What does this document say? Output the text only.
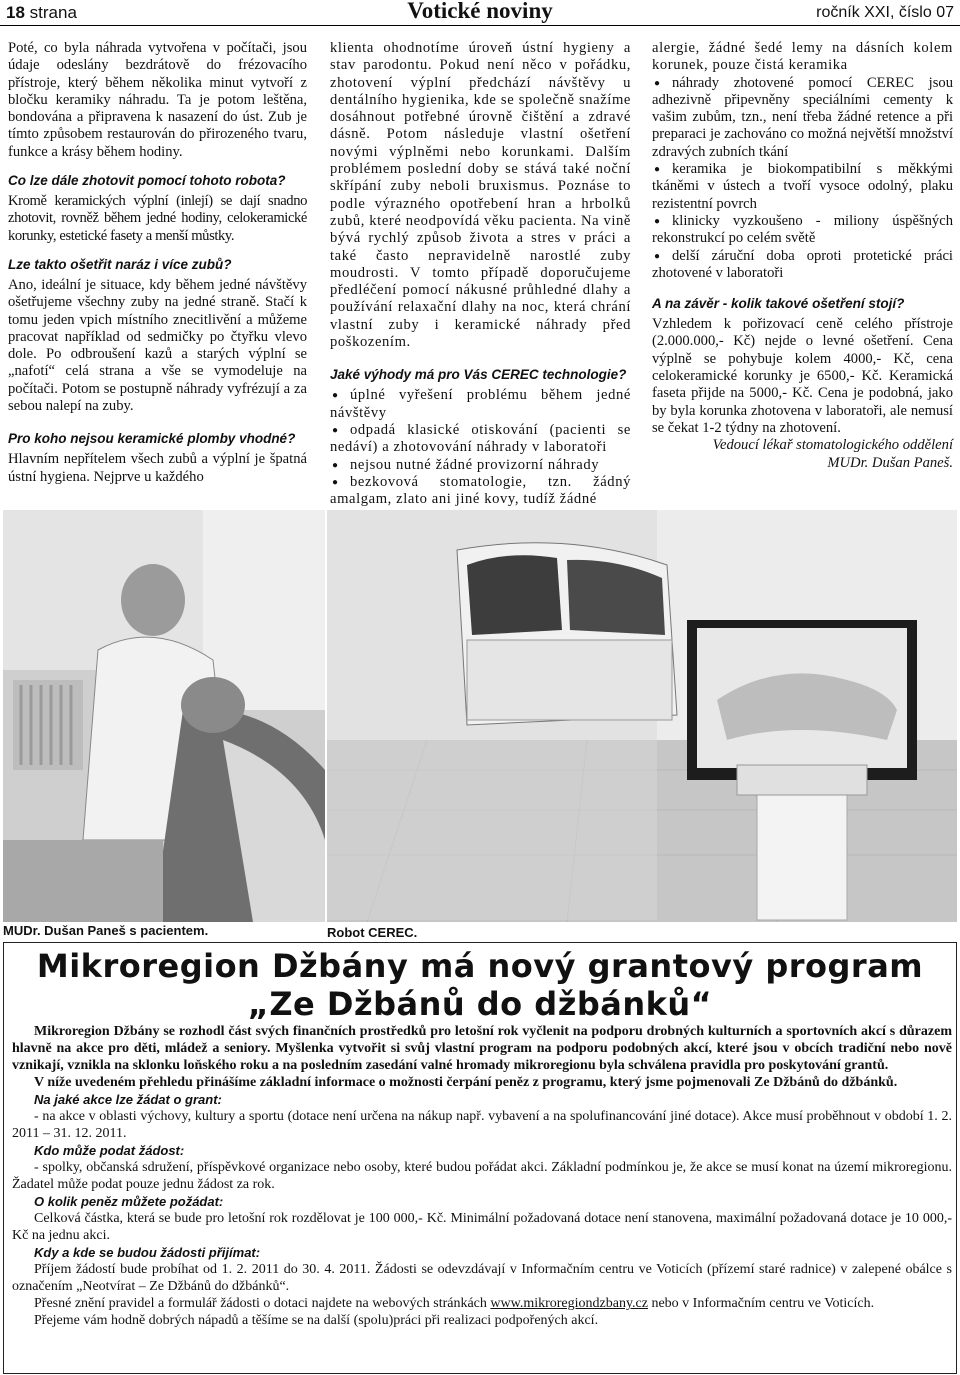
18 strana	Votické noviny	ročník XXI, číslo 07

Poté, co byla náhrada vytvořena v počítači, jsou údaje odeslány bezdrátově do frézovacího přístroje, který během několika minut vytvoří z bločku keramiky náhradu. Ta je potom leštěna, bondována a připravena k nasazení do úst. Zub je tímto způsobem restaurován do přirozeného tvaru, funkce a krásy během hodiny.

Co lze dále zhotovit pomocí tohoto robota?

Kromě keramických výplní (inlejí) se dají snadno zhotovit, rovněž během jedné hodiny, celokeramické korunky, estetické fasety a menší můstky.

Lze takto ošetřit naráz i více zubů?

Ano, ideální je situace, kdy během jedné návštěvy ošetřujeme všechny zuby na jedné straně. Stačí k tomu jeden vpich místního znecitlivění a můžeme pracovat například od sedmičky po čtyřku vlevo dole. Po odbroušení kazů a starých výplní se „nafotí“ celá strana a vše se vymodeluje na počítači. Potom se postupně náhrady vyfrézují a za sebou nalepí na zuby.

Pro koho nejsou keramické plomby vhodné?

Hlavním nepřítelem všech zubů a výplní je špatná ústní hygiena. Nejprve u každého

klienta ohodnotíme úroveň ústní hygieny a stav parodontu. Pokud není něco v pořádku, zhotovení výplní předchází návštěvy u dentálního hygienika, kde se společně snažíme dosáhnout potřebné úrovně čištění a zdravé dásně. Potom následuje vlastní ošetření novými výplněmi nebo korunkami. Dalším problémem poslední doby se stává také noční skřípání zuby neboli bruxismus. Poznáse to podle výrazného opotřebení hran a hrbolků zubů, které neodpovídá věku pacienta. Na vině bývá rychlý způsob života a stres v práci a také často nepravidelně narostlé zuby moudrosti. V tomto případě doporučujeme předléčení pomocí nákusné průhledné dlahy a používání relaxační dlahy na noc, která chrání vlastní zuby i keramické náhrady před poškozením.

Jaké výhody má pro Vás CEREC technologie?

● úplné vyřešení problému během jedné návštěvy
● odpadá klasické otiskování (pacienti se nedáví) a zhotovování náhrady v laboratoři
● nejsou nutné žádné provizorní náhrady
● bezkovová stomatologie, tzn. žádný amalgam, zlato ani jiné kovy, tudíž žádné

alergie, žádné šedé lemy na dásních kolem korunek, pouze čistá keramika

● náhrady zhotovené pomocí CEREC jsou adhezivně připevněny speciálními cementy k vašim zubům, tzn., není třeba žádné retence a při preparaci je zachováno co možná největší množství zdravých zubních tkání
● keramika je biokompatibilní s měkkými tkáněmi v ústech a tvoří vysoce odolný, plaku rezistentní povrch
● klinicky vyzkoušeno - miliony úspěšných rekonstrukcí po celém světě
● delší záruční doba oproti protetické práci zhotovené v laboratoři

A na závěr - kolik takové ošetření stojí?

Vzhledem k pořizovací ceně celého přístroje (2.000.000,- Kč) nejde o levné ošetření. Cena výplně se pohybuje kolem 4000,- Kč, cena celokeramické korunky je 6500,- Kč. Keramická faseta přijde na 5000,- Kč. Cena je podobná, jako by byla korunka zhotovena v laboratoři, ale nemusí se čekat 1-2 týdny na zhotovení.

Vedoucí lékař stomatologického oddělení

MUDr. Dušan Paneš.

MUDr. Dušan Paneš s pacientem.	Robot CEREC.
Mikroregion Džbány má nový grantový program
„Ze Džbánů do džbánků“

Mikroregion Džbány se rozhodl část svých finančních prostředků pro letošní rok vyčlenit na podporu drobných kulturních a sportovních akcí s důrazem hlavně na akce pro děti, mládež a seniory. Myšlenka vytvořit si svůj vlastní program na podporu podobných akcí, které jsou v obcích tradiční nebo nově vznikají, vznikla na sklonku loňského roku a na posledním zasedání valné hromady mikroregionu byla schválena pravidla pro poskytování grantů.

V níže uvedeném přehledu přinášíme základní informace o možnosti čerpání peněz z programu, který jsme pojmenovali Ze Džbánů do džbánků.

Na jaké akce lze žádat o grant:

- na akce v oblasti výchovy, kultury a sportu (dotace není určena na nákup např. vybavení a na spolufinancování jiné dotace). Akce musí proběhnout v období 1. 2. 2011 – 31. 12. 2011.

Kdo může podat žádost:

- spolky, občanská sdružení, příspěvkové organizace nebo osoby, které budou pořádat akci. Základní podmínkou je, že akce se musí konat na území mikroregionu. Žadatel může podat pouze jednu žádost za rok.

O kolik peněz můžete požádat:

Celková částka, která se bude pro letošní rok rozdělovat je 100 000,- Kč. Minimální požadovaná dotace není stanovena, maximální požadovaná dotace je 10 000,- Kč na jednu akci.

Kdy a kde se budou žádosti přijímat:

Příjem žádostí bude probíhat od 1. 2. 2011 do 30. 4. 2011. Žádosti se odevzdávají v Informačním centru ve Voticích (přízemí staré radnice) v zalepené obálce s označením „Neotvírat – Ze Džbánů do džbánků“.

Přesné znění pravidel a formulář žádosti o dotaci najdete na webových stránkách www.mikroregiondzbany.cz nebo v Informačním centru ve Voticích.

Přejeme vám hodně dobrých nápadů a těšíme se na další (spolu)práci při realizaci podpořených akcí.
